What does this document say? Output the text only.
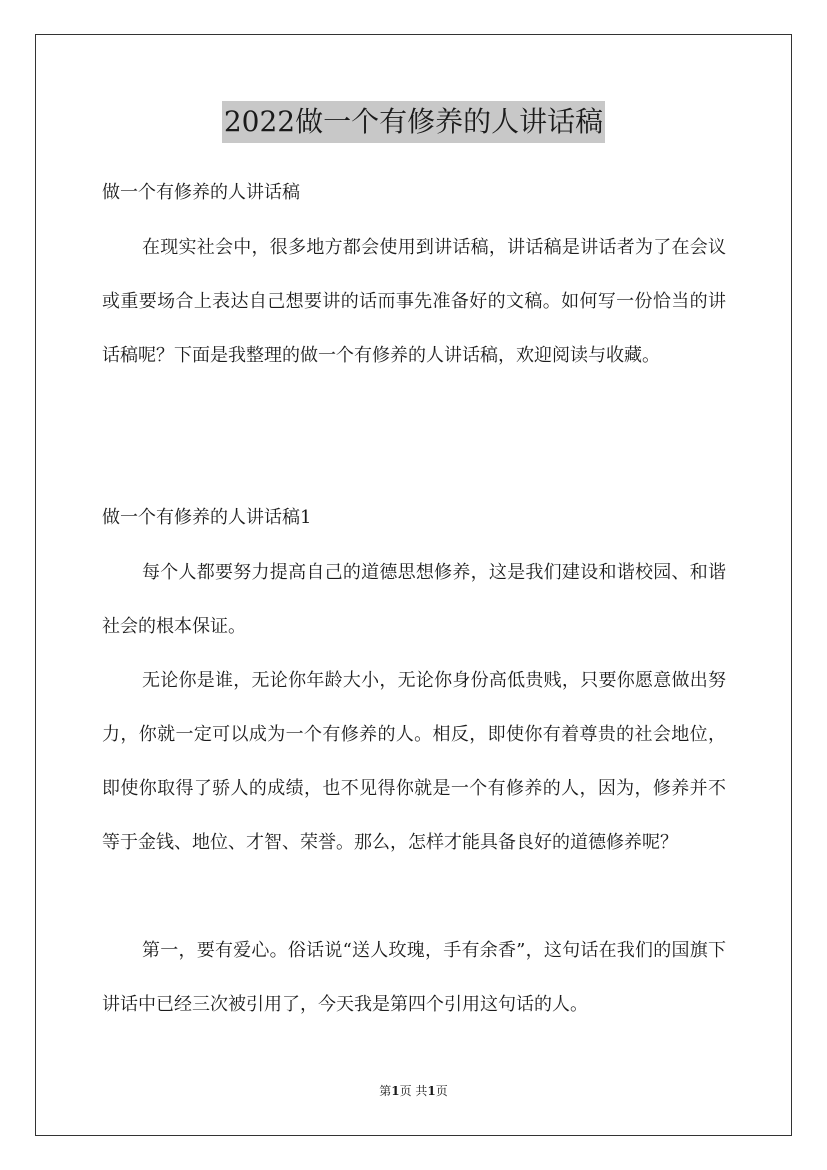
2022做一个有修养的人讲话稿
做一个有修养的人讲话稿

在现实社会中，很多地方都会使用到讲话稿，讲话稿是讲话者为了在会议或重要场合上表达自己想要讲的话而事先准备好的文稿。如何写一份恰当的讲话稿呢？下面是我整理的做一个有修养的人讲话稿，欢迎阅读与收藏。

做一个有修养的人讲话稿1

每个人都要努力提高自己的道德思想修养，这是我们建设和谐校园、和谐社会的根本保证。

无论你是谁，无论你年龄大小，无论你身份高低贵贱，只要你愿意做出努力，你就一定可以成为一个有修养的人。相反，即使你有着尊贵的社会地位，即使你取得了骄人的成绩，也不见得你就是一个有修养的人，因为，修养并不等于金钱、地位、才智、荣誉。那么，怎样才能具备良好的道德修养呢？

第一，要有爱心。俗话说“送人玫瑰，手有余香”，这句话在我们的国旗下讲话中已经三次被引用了，今天我是第四个引用这句话的人。

第1页 共1页
